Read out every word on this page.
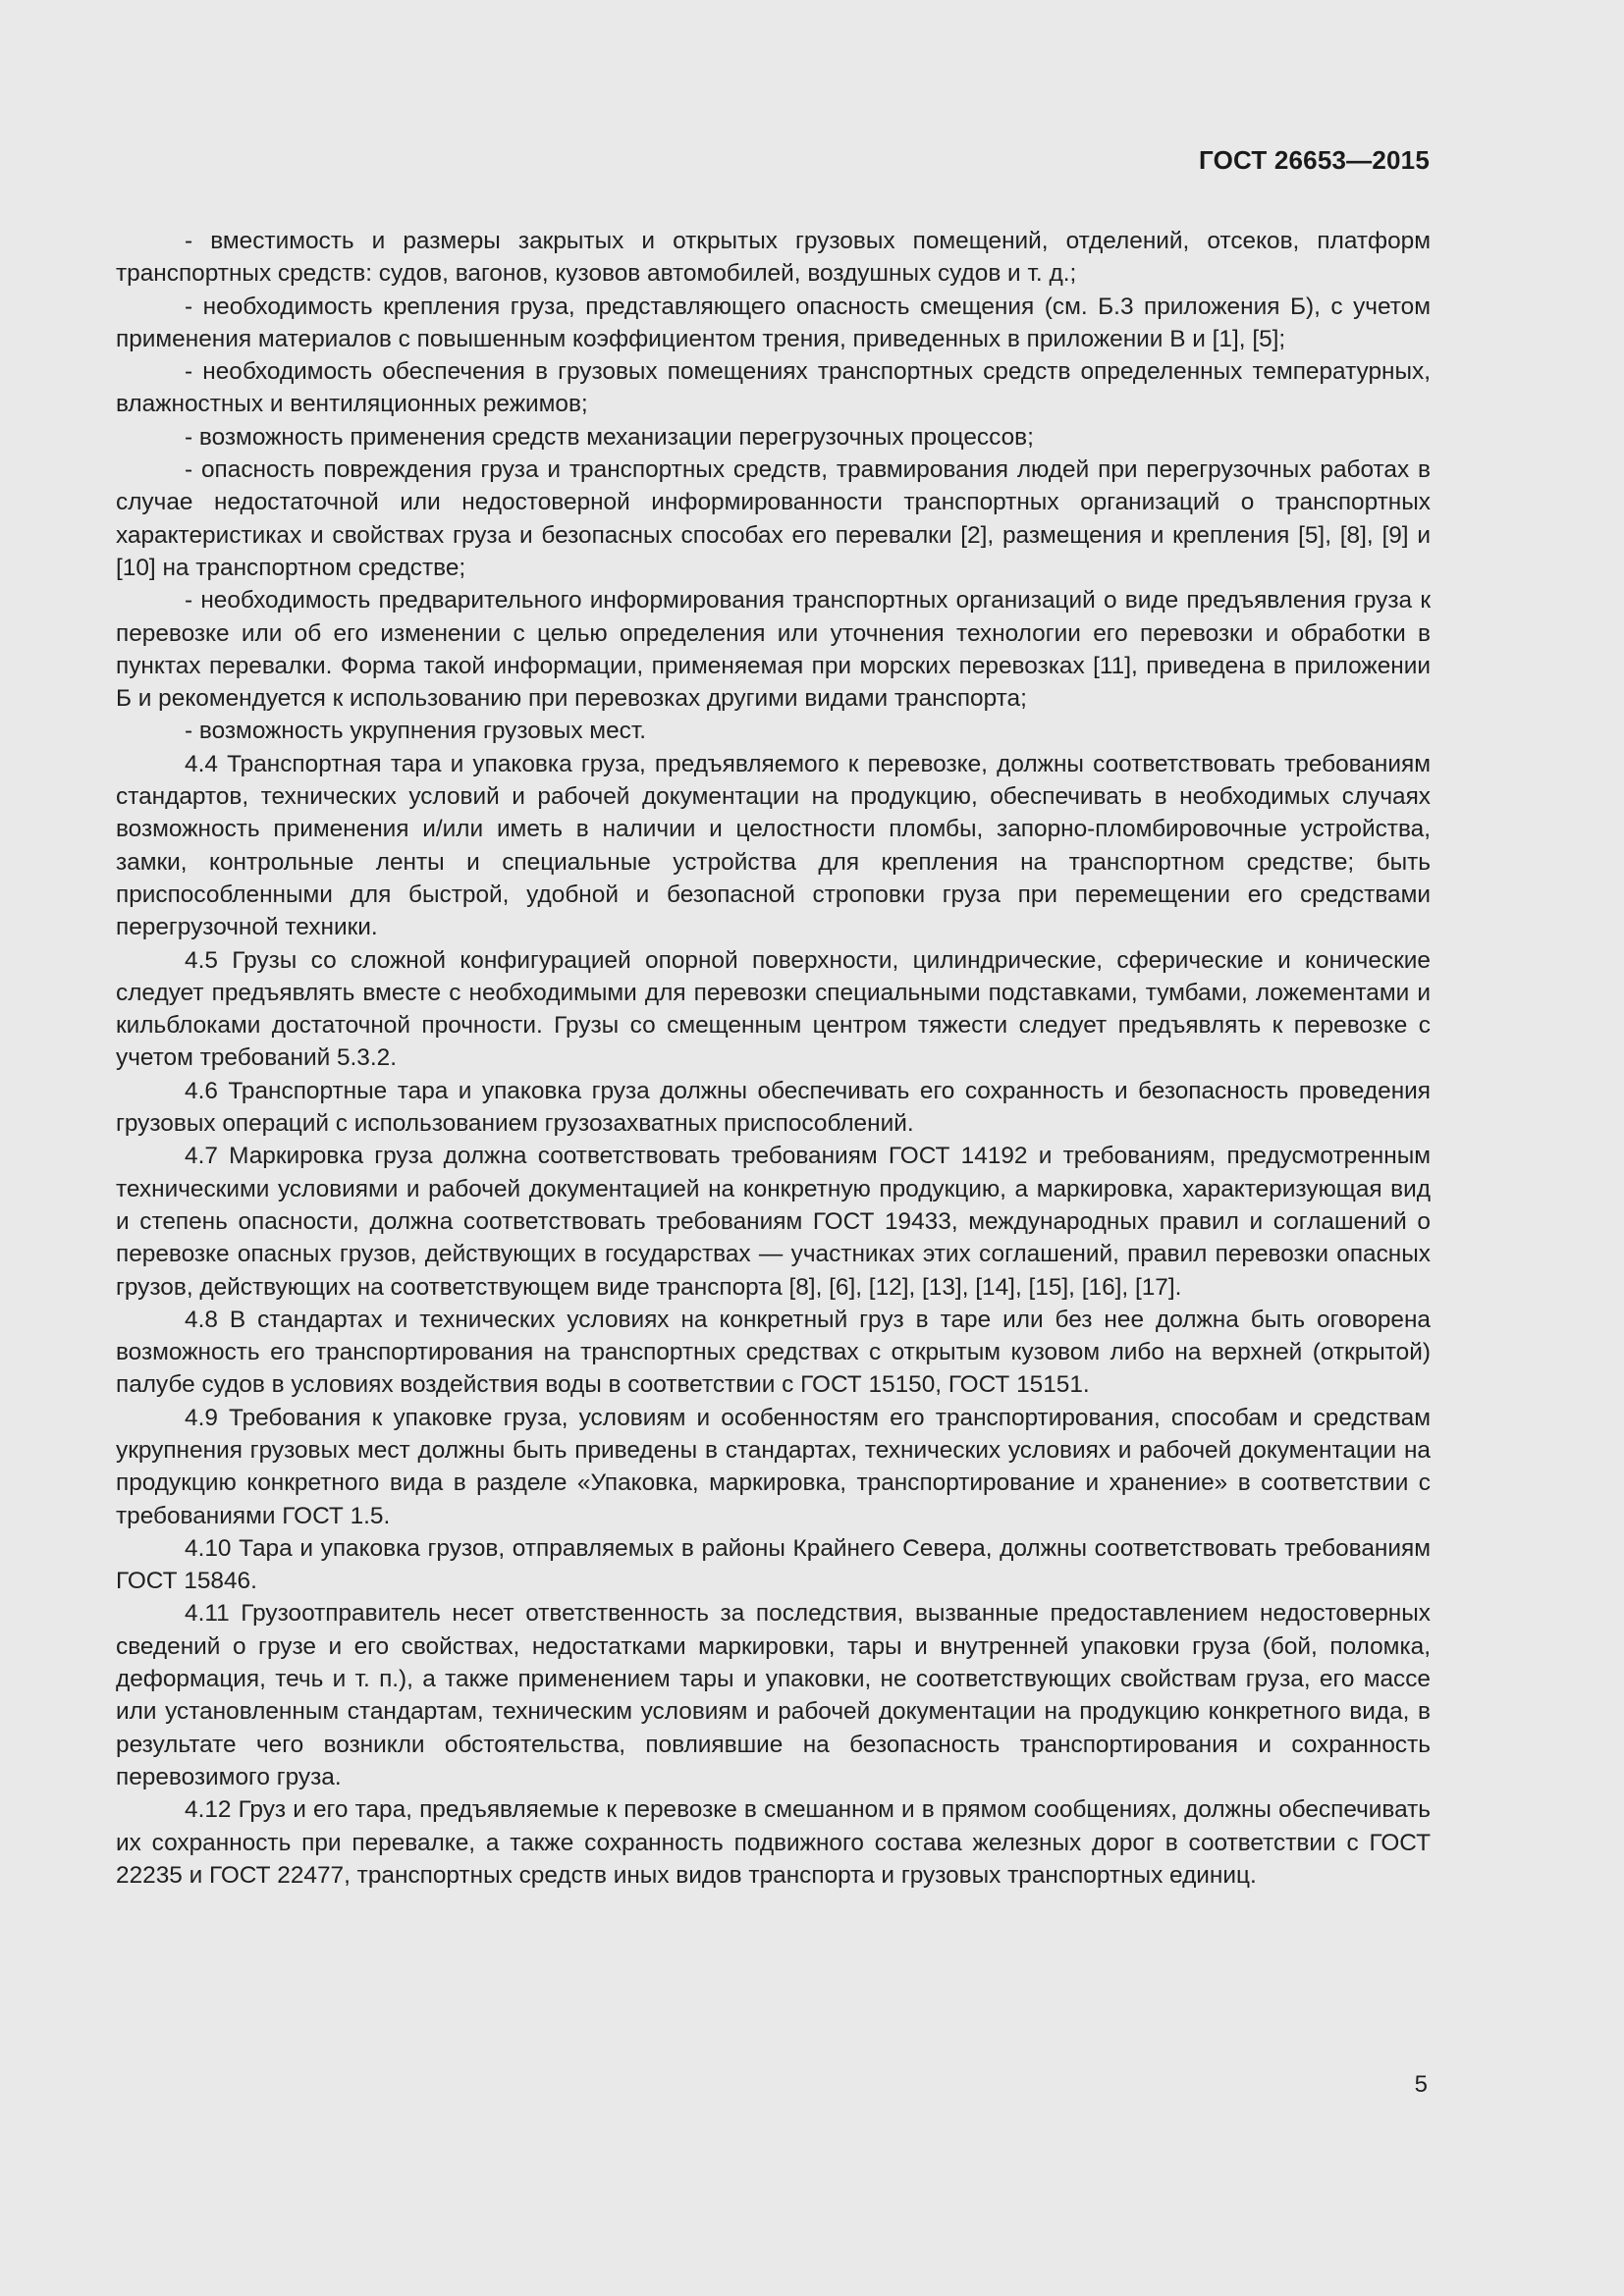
ГОСТ 26653—2015

- вместимость и размеры закрытых и открытых грузовых помещений, отделений, отсеков, платформ транспортных средств: судов, вагонов, кузовов автомобилей, воздушных судов и т. д.;

- необходимость крепления груза, представляющего опасность смещения (см. Б.3 приложения Б), с учетом применения материалов с повышенным коэффициентом трения, приведенных в приложении В и [1], [5];

- необходимость обеспечения в грузовых помещениях транспортных средств определенных температурных, влажностных и вентиляционных режимов;

- возможность применения средств механизации перегрузочных процессов;

- опасность повреждения груза и транспортных средств, травмирования людей при перегрузочных работах в случае недостаточной или недостоверной информированности транспортных организаций о транспортных характеристиках и свойствах груза и безопасных способах его перевалки [2], размещения и крепления [5], [8], [9] и [10] на транспортном средстве;

- необходимость предварительного информирования транспортных организаций о виде предъявления груза к перевозке или об его изменении с целью определения или уточнения технологии его перевозки и обработки в пунктах перевалки. Форма такой информации, применяемая при морских перевозках [11], приведена в приложении Б и рекомендуется к использованию при перевозках другими видами транспорта;

- возможность укрупнения грузовых мест.

4.4 Транспортная тара и упаковка груза, предъявляемого к перевозке, должны соответствовать требованиям стандартов, технических условий и рабочей документации на продукцию, обеспечивать в необходимых случаях возможность применения и/или иметь в наличии и целостности пломбы, запорно-пломбировочные устройства, замки, контрольные ленты и специальные устройства для крепления на транспортном средстве; быть приспособленными для быстрой, удобной и безопасной строповки груза при перемещении его средствами перегрузочной техники.

4.5 Грузы со сложной конфигурацией опорной поверхности, цилиндрические, сферические и конические следует предъявлять вместе с необходимыми для перевозки специальными подставками, тумбами, ложементами и кильблоками достаточной прочности. Грузы со смещенным центром тяжести следует предъявлять к перевозке с учетом требований 5.3.2.

4.6 Транспортные тара и упаковка груза должны обеспечивать его сохранность и безопасность проведения грузовых операций с использованием грузозахватных приспособлений.

4.7 Маркировка груза должна соответствовать требованиям ГОСТ 14192 и требованиям, предусмотренным техническими условиями и рабочей документацией на конкретную продукцию, а маркировка, характеризующая вид и степень опасности, должна соответствовать требованиям ГОСТ 19433, международных правил и соглашений о перевозке опасных грузов, действующих в государствах — участниках этих соглашений, правил перевозки опасных грузов, действующих на соответствующем виде транспорта [8], [6], [12], [13], [14], [15], [16], [17].

4.8 В стандартах и технических условиях на конкретный груз в таре или без нее должна быть оговорена возможность его транспортирования на транспортных средствах с открытым кузовом либо на верхней (открытой) палубе судов в условиях воздействия воды в соответствии с ГОСТ 15150, ГОСТ 15151.

4.9 Требования к упаковке груза, условиям и особенностям его транспортирования, способам и средствам укрупнения грузовых мест должны быть приведены в стандартах, технических условиях и рабочей документации на продукцию конкретного вида в разделе «Упаковка, маркировка, транспортирование и хранение» в соответствии с требованиями ГОСТ 1.5.

4.10 Тара и упаковка грузов, отправляемых в районы Крайнего Севера, должны соответствовать требованиям ГОСТ 15846.

4.11 Грузоотправитель несет ответственность за последствия, вызванные предоставлением недостоверных сведений о грузе и его свойствах, недостатками маркировки, тары и внутренней упаковки груза (бой, поломка, деформация, течь и т. п.), а также применением тары и упаковки, не соответствующих свойствам груза, его массе или установленным стандартам, техническим условиям и рабочей документации на продукцию конкретного вида, в результате чего возникли обстоятельства, повлиявшие на безопасность транспортирования и сохранность перевозимого груза.

4.12 Груз и его тара, предъявляемые к перевозке в смешанном и в прямом сообщениях, должны обеспечивать их сохранность при перевалке, а также сохранность подвижного состава железных дорог в соответствии с ГОСТ 22235 и ГОСТ 22477, транспортных средств иных видов транспорта и грузовых транспортных единиц.

5
